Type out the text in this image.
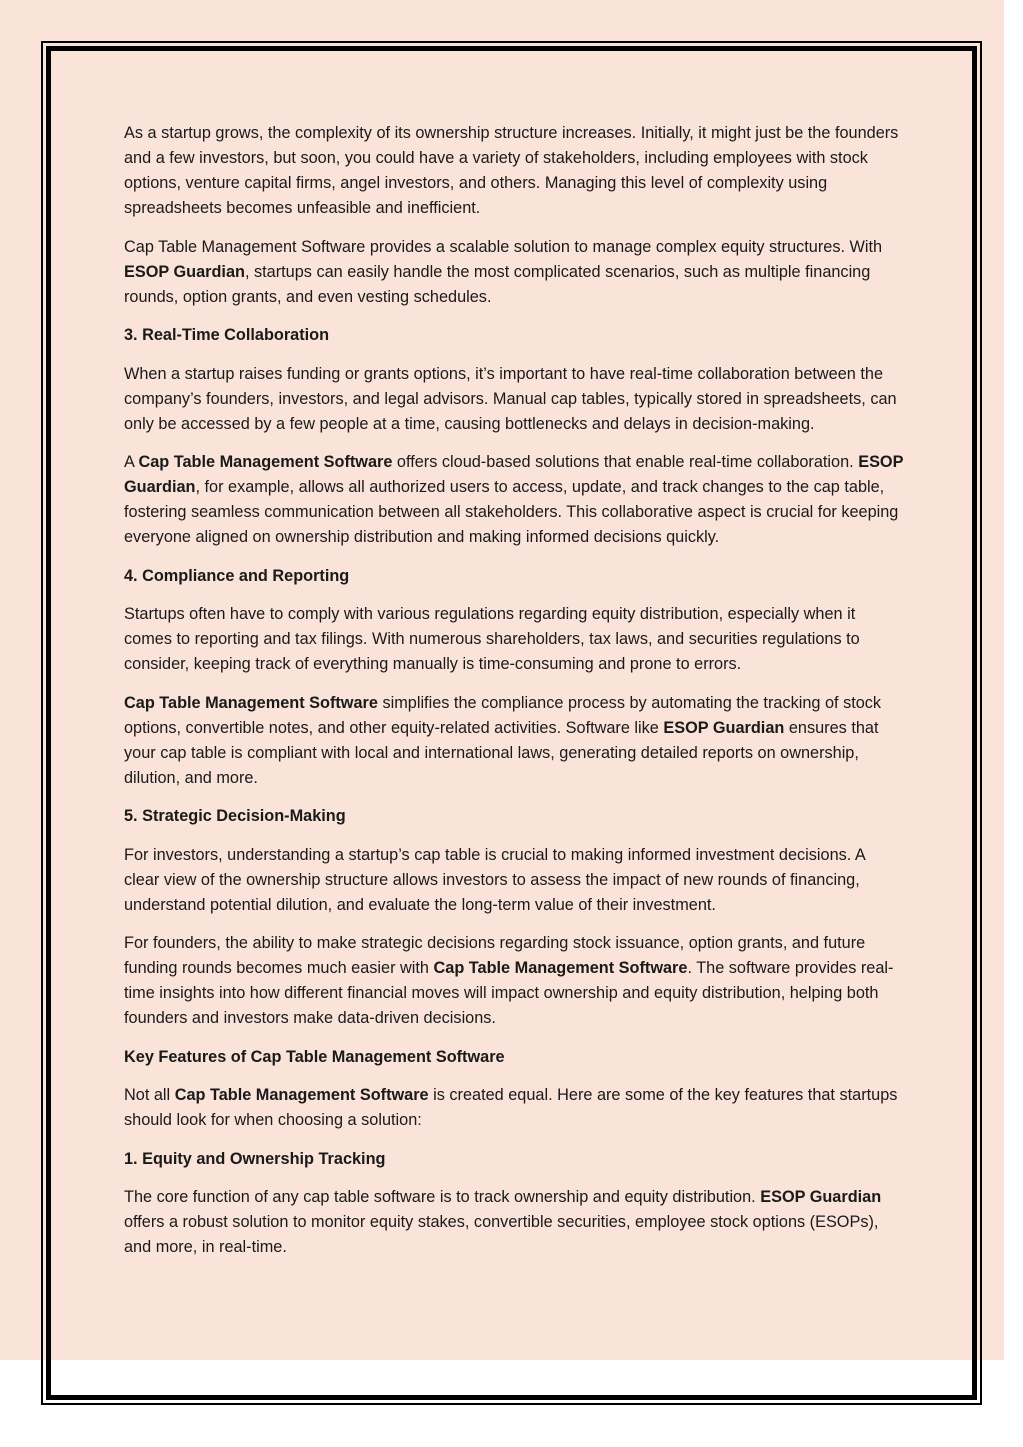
As a startup grows, the complexity of its ownership structure increases. Initially, it might just be the founders and a few investors, but soon, you could have a variety of stakeholders, including employees with stock options, venture capital firms, angel investors, and others. Managing this level of complexity using spreadsheets becomes unfeasible and inefficient.

Cap Table Management Software provides a scalable solution to manage complex equity structures. With ESOP Guardian, startups can easily handle the most complicated scenarios, such as multiple financing rounds, option grants, and even vesting schedules.

3. Real-Time Collaboration

When a startup raises funding or grants options, it’s important to have real-time collaboration between the company’s founders, investors, and legal advisors. Manual cap tables, typically stored in spreadsheets, can only be accessed by a few people at a time, causing bottlenecks and delays in decision-making.

A Cap Table Management Software offers cloud-based solutions that enable real-time collaboration. ESOP Guardian, for example, allows all authorized users to access, update, and track changes to the cap table, fostering seamless communication between all stakeholders. This collaborative aspect is crucial for keeping everyone aligned on ownership distribution and making informed decisions quickly.

4. Compliance and Reporting

Startups often have to comply with various regulations regarding equity distribution, especially when it comes to reporting and tax filings. With numerous shareholders, tax laws, and securities regulations to consider, keeping track of everything manually is time-consuming and prone to errors.

Cap Table Management Software simplifies the compliance process by automating the tracking of stock options, convertible notes, and other equity-related activities. Software like ESOP Guardian ensures that your cap table is compliant with local and international laws, generating detailed reports on ownership, dilution, and more.

5. Strategic Decision-Making

For investors, understanding a startup’s cap table is crucial to making informed investment decisions. A clear view of the ownership structure allows investors to assess the impact of new rounds of financing, understand potential dilution, and evaluate the long-term value of their investment.

For founders, the ability to make strategic decisions regarding stock issuance, option grants, and future funding rounds becomes much easier with Cap Table Management Software. The software provides real-time insights into how different financial moves will impact ownership and equity distribution, helping both founders and investors make data-driven decisions.

Key Features of Cap Table Management Software

Not all Cap Table Management Software is created equal. Here are some of the key features that startups should look for when choosing a solution:

1. Equity and Ownership Tracking

The core function of any cap table software is to track ownership and equity distribution. ESOP Guardian offers a robust solution to monitor equity stakes, convertible securities, employee stock options (ESOPs), and more, in real-time.
